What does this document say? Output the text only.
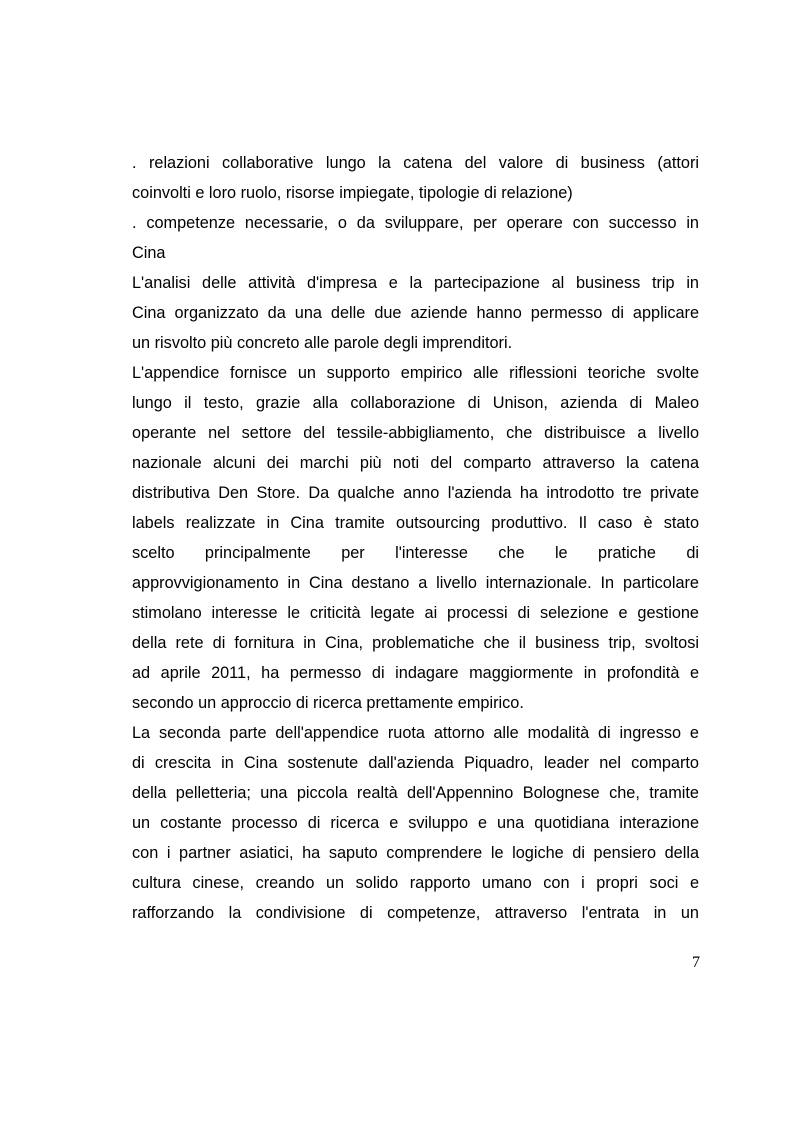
. relazioni collaborative lungo la catena del valore di business (attori
coinvolti e loro ruolo, risorse impiegate, tipologie di relazione)
. competenze necessarie, o da sviluppare, per operare con successo in
Cina
L'analisi delle attività d'impresa e la partecipazione al business trip in
Cina organizzato da una delle due aziende hanno permesso di applicare
un risvolto più concreto alle parole degli imprenditori.
L'appendice fornisce un supporto empirico alle riflessioni teoriche svolte
lungo il testo, grazie alla collaborazione di Unison, azienda di Maleo
operante nel settore del tessile-abbigliamento, che distribuisce a livello
nazionale alcuni dei marchi più noti del comparto attraverso la catena
distributiva Den Store. Da qualche anno l'azienda ha introdotto tre private
labels realizzate in Cina tramite outsourcing produttivo. Il caso è stato
scelto principalmente per l'interesse che le pratiche di
approvvigionamento in Cina destano a livello internazionale. In particolare
stimolano interesse le criticità legate ai processi di selezione e gestione
della rete di fornitura in Cina, problematiche che il business trip, svoltosi
ad aprile 2011, ha permesso di indagare maggiormente in profondità e
secondo un approccio di ricerca prettamente empirico.
La seconda parte dell'appendice ruota attorno alle modalità di ingresso e
di crescita in Cina sostenute dall'azienda Piquadro, leader nel comparto
della pelletteria; una piccola realtà dell'Appennino Bolognese che, tramite
un costante processo di ricerca e sviluppo e una quotidiana interazione
con i partner asiatici, ha saputo comprendere le logiche di pensiero della
cultura cinese, creando un solido rapporto umano con i propri soci e
rafforzando la condivisione di competenze, attraverso l'entrata in un
7
